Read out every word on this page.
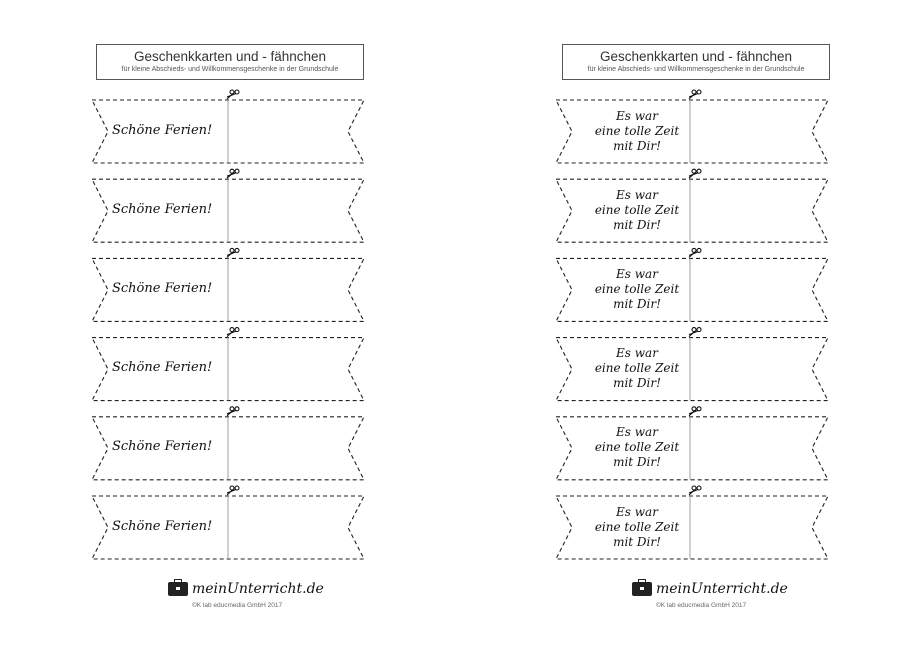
Geschenkkarten und - fähnchen
für kleine Abschieds- und Willkommensgeschenke in der Grundschule
meinUnterricht.de
©K lab educmedia GmbH 2017
Geschenkkarten und - fähnchen
für kleine Abschieds- und Willkommensgeschenke in der Grundschule
meinUnterricht.de
©K lab educmedia GmbH 2017
Schöne Ferien!
Schöne Ferien!
Schöne Ferien!
Schöne Ferien!
Schöne Ferien!
Schöne Ferien!
Es war
eine tolle Zeit
mit Dir!
Es war
eine tolle Zeit
mit Dir!
Es war
eine tolle Zeit
mit Dir!
Es war
eine tolle Zeit
mit Dir!
Es war
eine tolle Zeit
mit Dir!
Es war
eine tolle Zeit
mit Dir!
